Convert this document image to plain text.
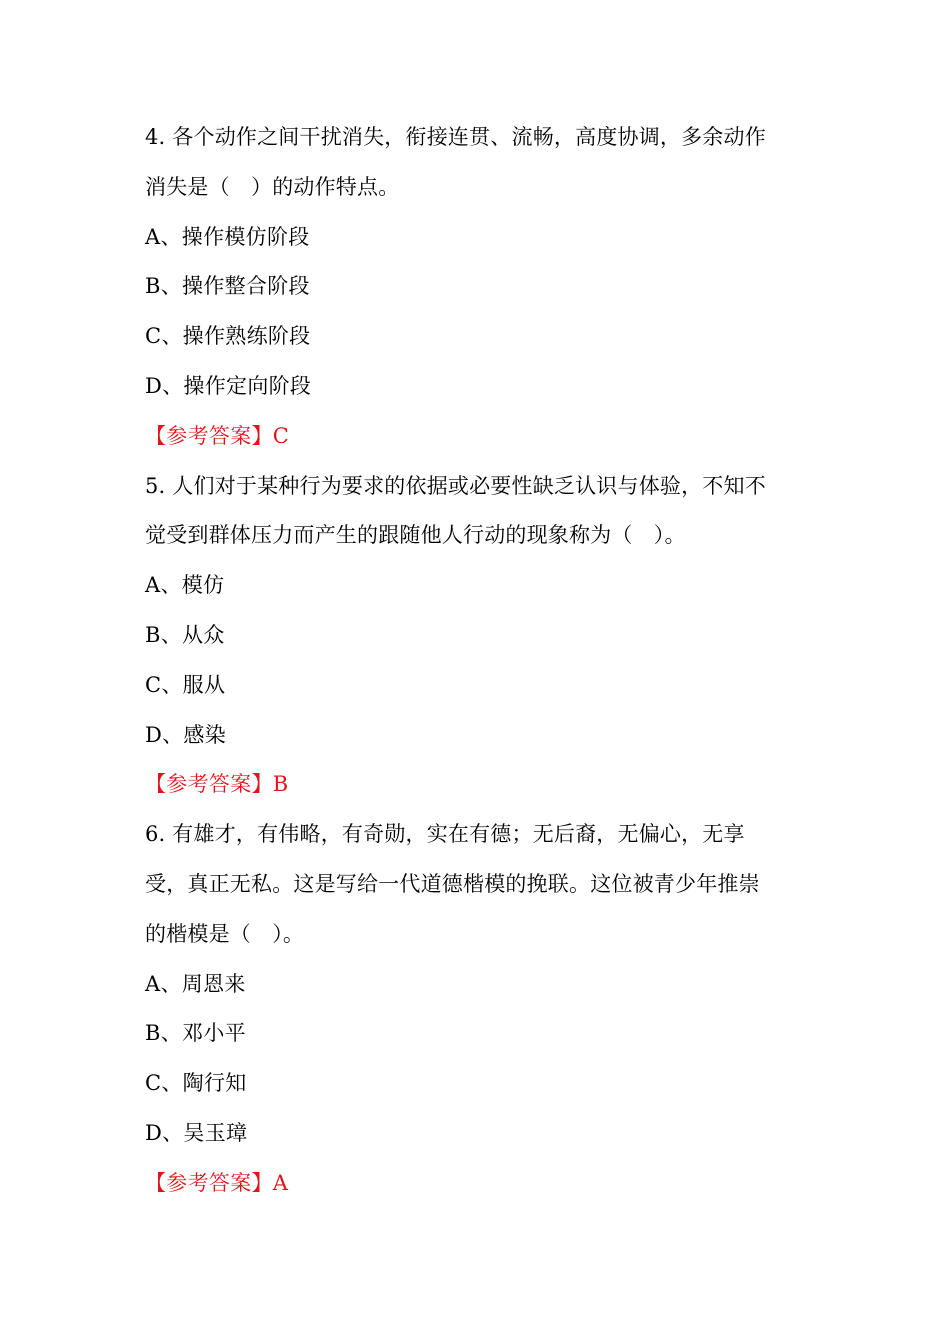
4. 各个动作之间干扰消失，衔接连贯、流畅，高度协调，多余动作
消失是（　）的动作特点。
A、操作模仿阶段
B、操作整合阶段
C、操作熟练阶段
D、操作定向阶段
【参考答案】C
5. 人们对于某种行为要求的依据或必要性缺乏认识与体验，不知不
觉受到群体压力而产生的跟随他人行动的现象称为（　）。
A、模仿
B、从众
C、服从
D、感染
【参考答案】B
6. 有雄才，有伟略，有奇勋，实在有德；无后裔，无偏心，无享
受，真正无私。这是写给一代道德楷模的挽联。这位被青少年推崇
的楷模是（　）。
A、周恩来
B、邓小平
C、陶行知
D、吴玉璋
【参考答案】A
